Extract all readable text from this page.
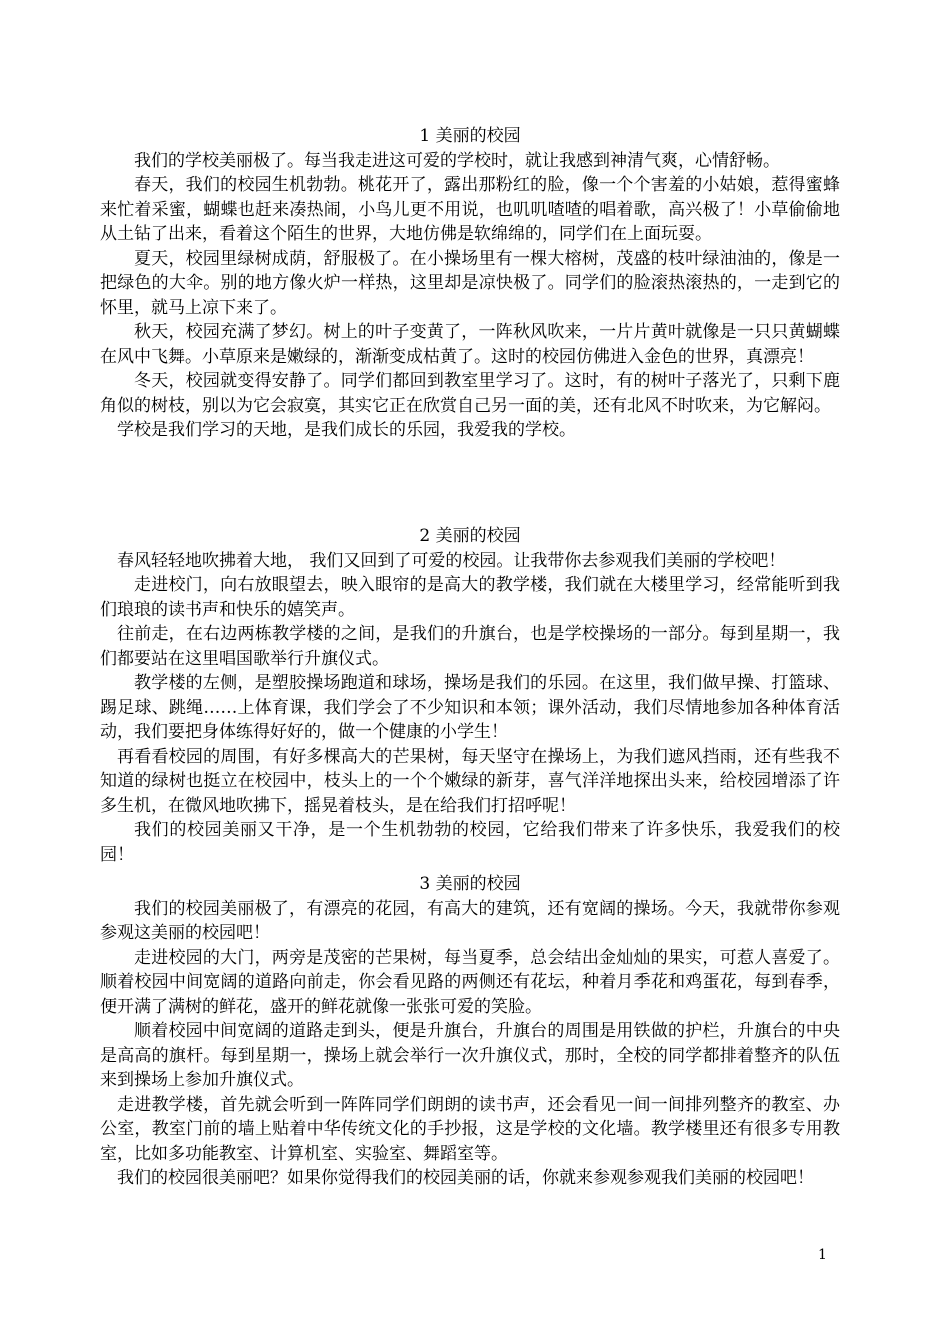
1 美丽的校园

我们的学校美丽极了。每当我走进这可爱的学校时，就让我感到神清气爽，心情舒畅。

春天，我们的校园生机勃勃。桃花开了，露出那粉红的脸，像一个个害羞的小姑娘，惹得蜜蜂来忙着采蜜，蝴蝶也赶来凑热闹，小鸟儿更不用说，也叽叽喳喳的唱着歌，高兴极了！小草偷偷地从土钻了出来，看着这个陌生的世界，大地仿佛是软绵绵的，同学们在上面玩耍。

夏天，校园里绿树成荫，舒服极了。在小操场里有一棵大榕树，茂盛的枝叶绿油油的，像是一把绿色的大伞。别的地方像火炉一样热，这里却是凉快极了。同学们的脸滚热滚热的，一走到它的怀里，就马上凉下来了。

秋天，校园充满了梦幻。树上的叶子变黄了，一阵秋风吹来，一片片黄叶就像是一只只黄蝴蝶在风中飞舞。小草原来是嫩绿的，渐渐变成枯黄了。这时的校园仿佛进入金色的世界，真漂亮！

冬天，校园就变得安静了。同学们都回到教室里学习了。这时，有的树叶子落光了，只剩下鹿角似的树枝，别以为它会寂寞，其实它正在欣赏自己另一面的美，还有北风不时吹来，为它解闷。

学校是我们学习的天地，是我们成长的乐园，我爱我的学校。

2 美丽的校园

春风轻轻地吹拂着大地， 我们又回到了可爱的校园。让我带你去参观我们美丽的学校吧！

走进校门，向右放眼望去，映入眼帘的是高大的教学楼，我们就在大楼里学习，经常能听到我们琅琅的读书声和快乐的嬉笑声。

往前走，在右边两栋教学楼的之间，是我们的升旗台，也是学校操场的一部分。每到星期一，我们都要站在这里唱国歌举行升旗仪式。

教学楼的左侧，是塑胶操场跑道和球场，操场是我们的乐园。在这里，我们做早操、打篮球、踢足球、跳绳……上体育课，我们学会了不少知识和本领；课外活动，我们尽情地参加各种体育活动，我们要把身体练得好好的，做一个健康的小学生！

再看看校园的周围，有好多棵高大的芒果树，每天坚守在操场上，为我们遮风挡雨，还有些我不知道的绿树也挺立在校园中，枝头上的一个个嫩绿的新芽，喜气洋洋地探出头来，给校园增添了许多生机，在微风地吹拂下，摇晃着枝头，是在给我们打招呼呢！

我们的校园美丽又干净，是一个生机勃勃的校园，它给我们带来了许多快乐，我爱我们的校园！

3 美丽的校园

我们的校园美丽极了，有漂亮的花园，有高大的建筑，还有宽阔的操场。今天，我就带你参观参观这美丽的校园吧！

走进校园的大门，两旁是茂密的芒果树，每当夏季，总会结出金灿灿的果实，可惹人喜爱了。顺着校园中间宽阔的道路向前走，你会看见路的两侧还有花坛，种着月季花和鸡蛋花，每到春季，便开满了满树的鲜花，盛开的鲜花就像一张张可爱的笑脸。

顺着校园中间宽阔的道路走到头，便是升旗台，升旗台的周围是用铁做的护栏，升旗台的中央是高高的旗杆。每到星期一，操场上就会举行一次升旗仪式，那时，全校的同学都排着整齐的队伍来到操场上参加升旗仪式。

走进教学楼，首先就会听到一阵阵同学们朗朗的读书声，还会看见一间一间排列整齐的教室、办公室，教室门前的墙上贴着中华传统文化的手抄报，这是学校的文化墙。教学楼里还有很多专用教室，比如多功能教室、计算机室、实验室、舞蹈室等。

我们的校园很美丽吧？如果你觉得我们的校园美丽的话，你就来参观参观我们美丽的校园吧！

1
